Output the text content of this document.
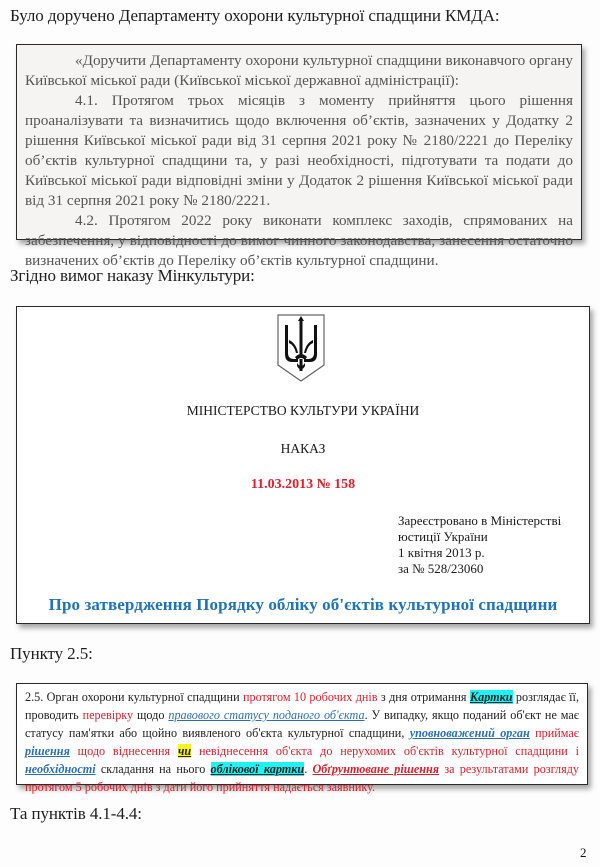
Було доручено Департаменту охорони культурної спадщини КМДА:

«Доручити Департаменту охорони культурної спадщини виконавчого органу Київської міської ради (Київської міської державної адміністрації):

4.1. Протягом трьох місяців з моменту прийняття цього рішення проаналізувати та визначитись щодо включення об’єктів, зазначених у Додатку 2 рішення Київської міської ради від 31 серпня 2021 року № 2180/2221 до Переліку об’єктів культурної спадщини та, у разі необхідності, підготувати та подати до Київської міської ради відповідні зміни у Додаток 2 рішення Київської міської ради від 31 серпня 2021 року № 2180/2221.

4.2. Протягом 2022 року виконати комплекс заходів, спрямованих на забезпечення, у відповідності до вимог чинного законодавства, занесення остаточно визначених об’єктів до Переліку об’єктів культурної спадщини.

Згідно вимог наказу Мінкультури:
МІНІСТЕРСТВО КУЛЬТУРИ УКРАЇНИ
НАКАЗ
11.03.2013 № 158
Зареєстровано в Міністерстві
юстиції України
1 квітня 2013 р.
за № 528/23060
Про затвердження Порядку обліку об'єктів культурної спадщини
Пункту 2.5:
2.5. Орган охорони культурної спадщини протягом 10 робочих днів з дня отримання Картки розглядає її, проводить перевірку щодо правового статусу поданого об'єкта. У випадку, якщо поданий об'єкт не має статусу пам'ятки або щойно виявленого об'єкта культурної спадщини, уповноважений орган приймає рішення щодо віднесення чи невіднесення об'єкта до нерухомих об'єктів культурної спадщини і необхідності складання на нього облікової картки. Обґрунтоване рішення за результатами розгляду протягом 5 робочих днів з дати його прийняття надається заявнику.
Та пунктів 4.1-4.4:
2
